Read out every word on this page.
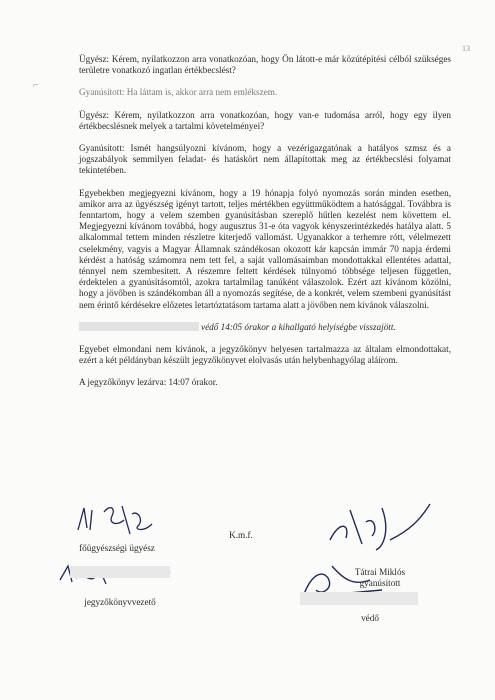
13
⌐

Ügyész: Kérem, nyilatkozzon arra vonatkozóan, hogy Ön látott-e már közútépítési célból szükséges területre vonatkozó ingatlan értékbecslést?

Gyanúsított: Ha láttam is, akkor arra nem emlékszem.

Ügyész: Kérem, nyilatkozzon arra vonatkozóan, hogy van-e tudomása arról, hogy egy ilyen értékbecslésnek melyek a tartalmi követelményei?

Gyanúsított: Ismét hangsúlyozni kívánom, hogy a vezérigazgatónak a hatályos szmsz és a jogszabályok semmilyen feladat- és hatáskört nem állapítottak meg az értékbecslési folyamat tekintetében.

Egyebekben megjegyezni kívánom, hogy a 19 hónapja folyó nyomozás során minden esetben, amikor arra az ügyészség igényt tartott, teljes mértékben együttműködtem a hatósággal. Továbbra is fenntartom, hogy a velem szemben gyanúsításban szereplő hűtlen kezelést nem követtem el. Megjegyezni kívánom továbbá, hogy augusztus 31-e óta vagyok kényszerintézkedés hatálya alatt. 5 alkalommal tettem minden részletre kiterjedő vallomást. Ugyanakkor a terhemre rótt, vélelmezett cselekmény, vagyis a Magyar Államnak szándékosan okozott kár kapcsán immár 70 napja érdemi kérdést a hatóság számomra nem tett fel, a saját vallomásaimban mondottakkal ellentétes adattal, ténnyel nem szembesített. A részemre feltett kérdések túlnyomó többsége teljesen független, érdektelen a gyanúsításomtól, azokra tartalmilag tanúként válaszolok. Ezért azt kívánom közölni, hogy a jövőben is szándékomban áll a nyomozás segítése, de a konkrét, velem szembeni gyanúsítást nem érintő kérdésekre előzetes letartóztatásom tartama alatt a jövőben nem kívánok válaszolni.

védő 14:05 órakor a kihallgató helyiségbe visszajött.

Egyebet elmondani nem kívánok, a jegyzőkönyv helyesen tartalmazza az általam elmondottakat, ezért a két példányban készült jegyzőkönyvet elolvasás után helybenhagyólag aláírom.

A jegyzőkönyv lezárva: 14:07 órakor.

főügyészségi ügyész
K.m.f.
Tátrai Miklós
gyanúsított
jegyzőkönyvvezető
védő
